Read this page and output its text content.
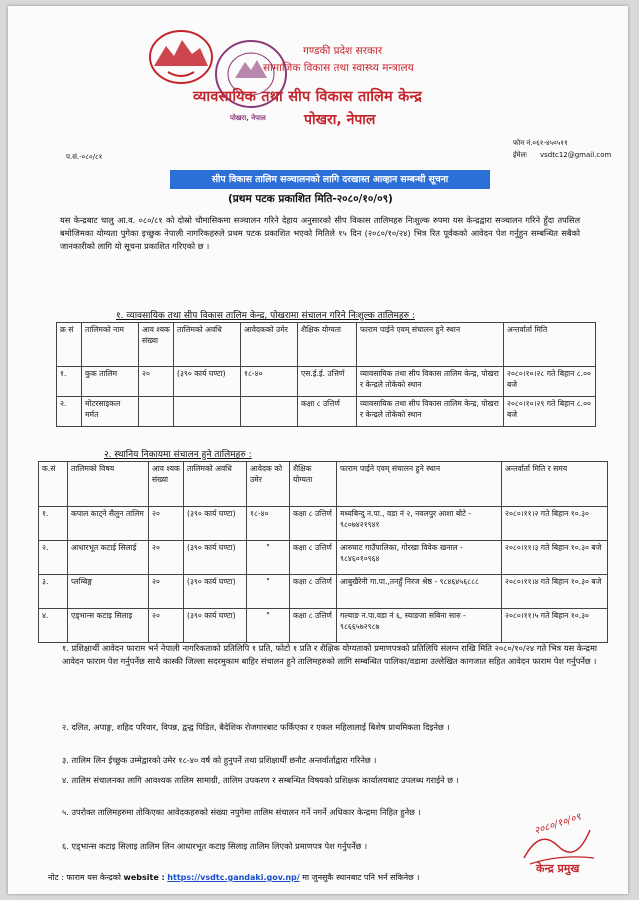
पोखरा, नेपाल
गण्डकी प्रदेश सरकार
सामाजिक विकास तथा स्वास्थ्य मन्त्रालय
व्यावसायिक तथा सीप विकास तालिम केन्द्र
पोखरा, नेपाल
फोन नं.०६१-४५०५११
ईमेलः vsdtc12@gmail.com
प.सं.-०८०/८१
सीप विकास तालिम सञ्चालनको लागि दरखास्त आव्हान सम्बन्धी सूचना
(प्रथम पटक प्रकाशित मिति-२०८०/१०/०९)
यस केन्द्रबाट चालु आ.व. ०८०/८१ को दोस्रो चौमासिकमा सञ्चालन गरिने देहाय अनुसारको सीप विकास तालिमहरु निःशुल्क रुपमा यस केन्द्रद्वारा सञ्चालन गरिने हुँदा तपसिल बमोजिमका योग्यता पुगेका इच्छुक नेपाली नागरिकहरुले प्रथम पटक प्रकाशित भएको मितिले १५ दिन (२०८०/१०/२४) भित्र रित पूर्वकको आवेदन पेश गर्नुहुन सम्बन्धित सबैको जानकारीको लागि यो सूचना प्रकाशित गरिएको छ ।
१. व्यावसायिक तथा सीप विकास तालिम केन्द्र, पोखरामा संचालन गरिने निःशुल्क तालिमहरु :
क्र सं	तालिमको नाम	आव श्यक संख्या	तालिमको अवधि	आवेदकको उमेर	शैक्षिक योग्यता	फाराम पाईने एवम् संचालन हुने स्थान	अन्तर्वार्ता मिति
१.	कुक तालिम	२०	(३९० कार्य घण्टा)	१८-४०	एस.ई.ई. उत्तिर्ण	व्यावसायिक तथा सीप विकास तालिम केन्द्र, पोखरा र केन्द्रले तोकेको स्थान	२०८०।१०।२८ गते बिहान ८.०० बजे
२.	मोटरसाइकल मर्मत				कक्षा ८ उत्तिर्ण	व्यावसायिक तथा सीप विकास तालिम केन्द्र, पोखरा र केन्द्रले तोकेको स्थान	२०८०।१०।२९ गते बिहान ८.०० बजे
२. स्थानिय निकायमा संचालन हुने तालिमहरु :
क.सं	तालिमको विषय	आव श्यक संख्या	तालिमको अवधि	आवेदक को उमेर	शैक्षिक योग्यता	फाराम पाईने एवम् संचालन हुने स्थान	अन्तर्वार्ता मिति र समय
१.	कपाल काट्ने सैलुन तालिम	२०	(३९० कार्य घण्टा)	१८-४०	कक्षा ८ उत्तिर्ण	मध्यबिन्दु न.पा., वडा नं २, नवलपुर आशा बोटे - ९८०७४२१९४१	२०८०।११।२ गते बिहान १०.३०
२.	आधारभूत कटाई सिलाई	२०	(३९० कार्य घण्टा)	"	कक्षा ८ उत्तिर्ण	आरुघाट गाउँपालिका, गोरखा विवेक खनाल - ९८४६०१०९६४	२०८०।११।३ गते बिहान १०.३० बजे
३.	प्लम्बिङ्ग	२०	(३९० कार्य घण्टा)	"	कक्षा ८ उत्तिर्ण	आबुखैरेनी गा.पा.,तनहुँ निरज श्रेष्ठ - ९८४६४५६८८८	२०८०।११।४ गते बिहान १०.३० बजे
४.	एड्भान्स कटाइ सिलाइ	२०	(३९० कार्य घण्टा)	"	कक्षा ८ उत्तिर्ण	गल्याङ न.पा.वडा नं ६, स्याङजा सबिना सारु - ९८६६५७२९८७	२०८०।११।५ गते बिहान १०.३०
१. प्रशिक्षार्थी आवेदन फाराम भर्न नेपाली नागरिकताको प्रतिलिपि १ प्रति, फोटो १ प्रति र शैक्षिक योग्यताको प्रमाणपत्रको प्रतिलिपि संलग्न राखि मिति २०८०/१०/२४ गते भित्र यस केन्द्रमा आवेदन फाराम पेश गर्नुपर्नेछ साथै कास्की जिल्ला सदरमुकाम बाहिर संचालन हुने तालिमहरुको लागि सम्बन्धित पालिका/वडामा उल्लेखित कागजात सहित आवेदन फाराम पेश गर्नुपर्नेछ ।
२. दलित, अपाङ्ग, शहिद परिवार, विपन्न, द्वन्द्व पिडित, बैदेशिक रोजगारबाट फर्किएका र एकल महिलालाई बिशेष प्राथमिकता दिइनेछ ।
३. तालिम लिन ईच्छुक उम्मेद्वारको उमेर १८-४० वर्ष को हुनुपर्ने तथा प्रशिक्षार्थी छनौट अन्तर्वार्ताद्वारा गरिनेछ ।
४. तालिम संचालनका लागि आवश्यक तालिम सामाग्री, तालिम उपकरण र सम्बन्धित विषयको प्रशिक्षक कार्यालयबाट उपलब्ध गराईने छ ।
५. उपरोक्त तालिमहरुमा तोकिएका आवेदकहरुको संख्या नपुगेमा तालिम संचालन गर्ने नगर्ने अधिकार केन्द्रमा निहित हुनेछ ।
६. एड्भान्स कटाइ सिलाइ तालिम लिन आधारभूत कटाइ सिलाइ तालिम लिएको प्रमाणपत्र पेश गर्नुपर्नेछ ।
नोट : फाराम यस केन्द्रको website : https://vsdtc.gandaki.gov.np/ मा जुनसुकै स्थानबाट पनि भर्न सकिनेछ ।
२०८०/१०/०९
केन्द्र प्रमुख
